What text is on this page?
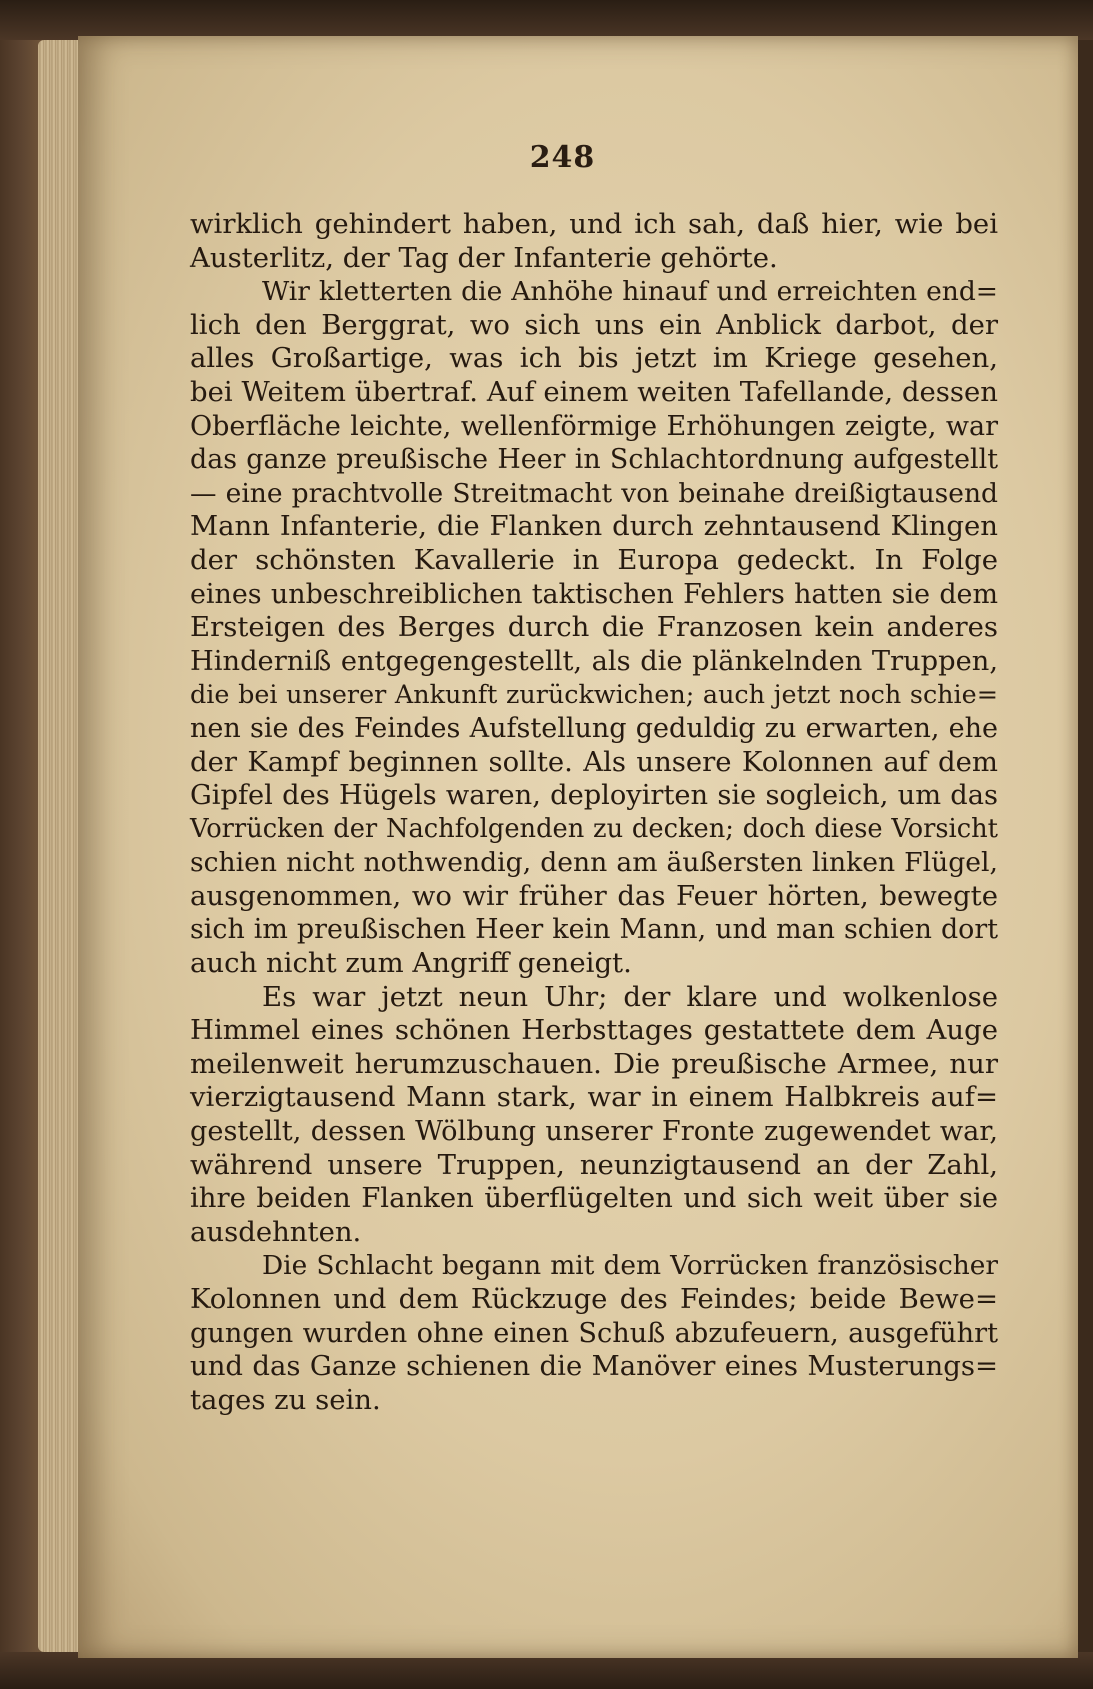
248
wirklich gehindert haben, und ich sah, daß hier, wie bei
Austerlitz, der Tag der Infanterie gehörte.
Wir kletterten die Anhöhe hinauf und erreichten end=
lich den Berggrat, wo sich uns ein Anblick darbot, der
alles Großartige, was ich bis jetzt im Kriege gesehen,
bei Weitem übertraf. Auf einem weiten Tafellande, dessen
Oberfläche leichte, wellenförmige Erhöhungen zeigte, war
das ganze preußische Heer in Schlachtordnung aufgestellt
— eine prachtvolle Streitmacht von beinahe dreißigtausend
Mann Infanterie, die Flanken durch zehntausend Klingen
der schönsten Kavallerie in Europa gedeckt. In Folge
eines unbeschreiblichen taktischen Fehlers hatten sie dem
Ersteigen des Berges durch die Franzosen kein anderes
Hinderniß entgegengestellt, als die plänkelnden Truppen,
die bei unserer Ankunft zurückwichen; auch jetzt noch schie=
nen sie des Feindes Aufstellung geduldig zu erwarten, ehe
der Kampf beginnen sollte. Als unsere Kolonnen auf dem
Gipfel des Hügels waren, deployirten sie sogleich, um das
Vorrücken der Nachfolgenden zu decken; doch diese Vorsicht
schien nicht nothwendig, denn am äußersten linken Flügel,
ausgenommen, wo wir früher das Feuer hörten, bewegte
sich im preußischen Heer kein Mann, und man schien dort
auch nicht zum Angriff geneigt.
Es war jetzt neun Uhr; der klare und wolkenlose
Himmel eines schönen Herbsttages gestattete dem Auge
meilenweit herumzuschauen. Die preußische Armee, nur
vierzigtausend Mann stark, war in einem Halbkreis auf=
gestellt, dessen Wölbung unserer Fronte zugewendet war,
während unsere Truppen, neunzigtausend an der Zahl,
ihre beiden Flanken überflügelten und sich weit über sie
ausdehnten.
Die Schlacht begann mit dem Vorrücken französischer
Kolonnen und dem Rückzuge des Feindes; beide Bewe=
gungen wurden ohne einen Schuß abzufeuern, ausgeführt
und das Ganze schienen die Manöver eines Musterungs=
tages zu sein.
